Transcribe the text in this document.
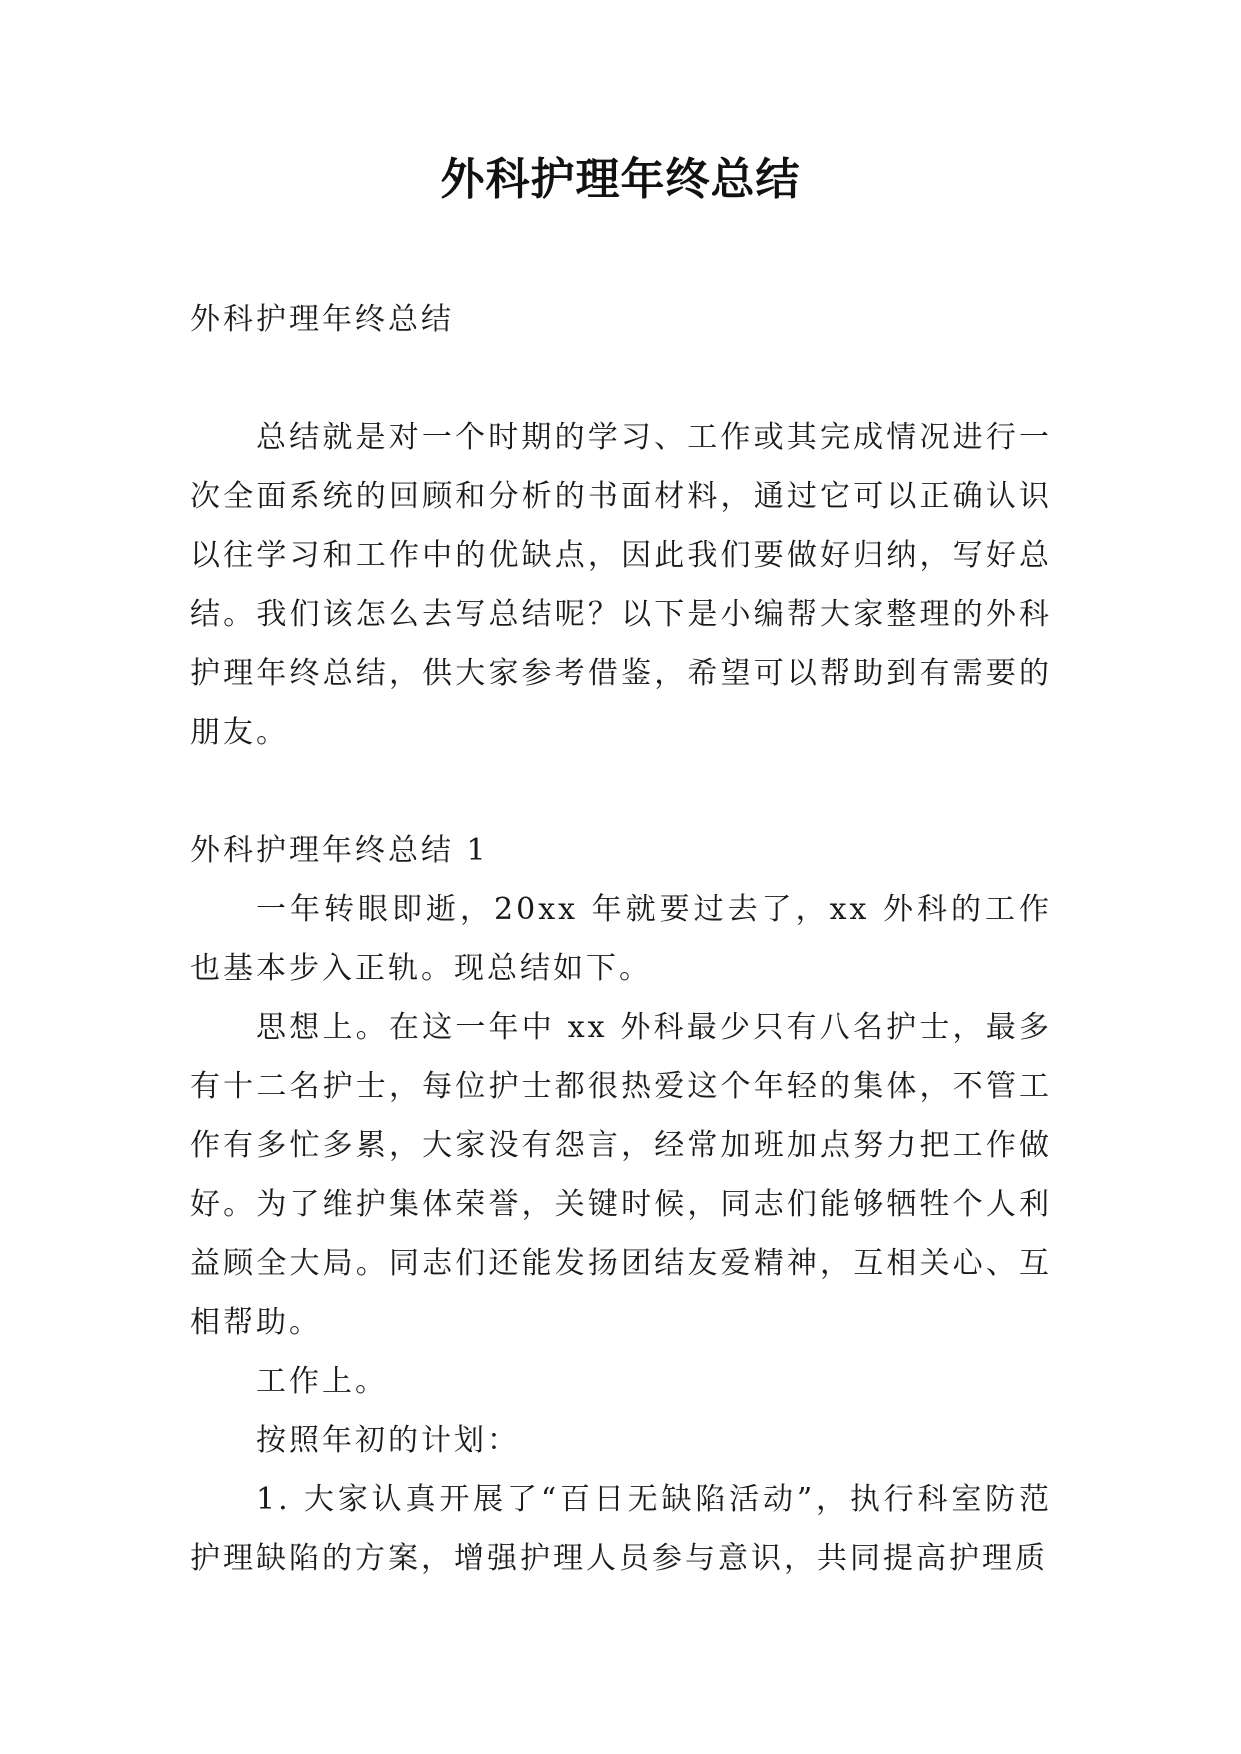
外科护理年终总结

外科护理年终总结

总结就是对一个时期的学习、工作或其完成情况进行一次全面系统的回顾和分析的书面材料，通过它可以正确认识以往学习和工作中的优缺点，因此我们要做好归纳，写好总结。我们该怎么去写总结呢？以下是小编帮大家整理的外科护理年终总结，供大家参考借鉴，希望可以帮助到有需要的朋友。

外科护理年终总结 1

一年转眼即逝，20xx 年就要过去了，xx 外科的工作也基本步入正轨。现总结如下。

思想上。在这一年中 xx 外科最少只有八名护士，最多有十二名护士，每位护士都很热爱这个年轻的集体，不管工作有多忙多累，大家没有怨言，经常加班加点努力把工作做好。为了维护集体荣誉，关键时候，同志们能够牺牲个人利益顾全大局。同志们还能发扬团结友爱精神，互相关心、互相帮助。

工作上。

按照年初的计划：

1. 大家认真开展了“百日无缺陷活动”，执行科室防范护理缺陷的方案，增强护理人员参与意识，共同提高护理质
